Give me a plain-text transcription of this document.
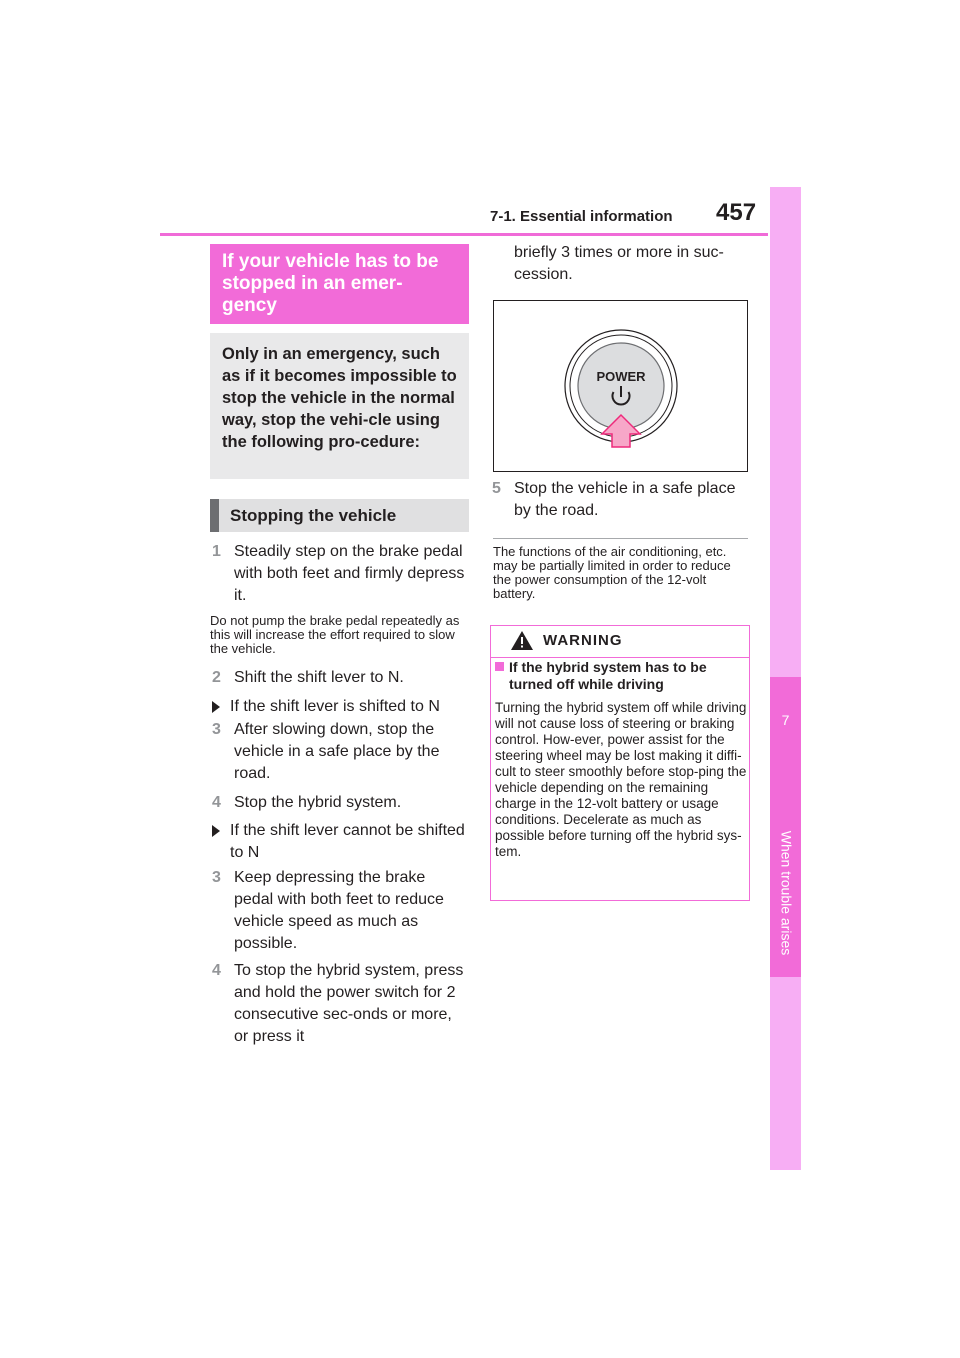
7-1. Essential information 457
7
When trouble arises
If your vehicle has to be stopped in an emer-gency
Only in an emergency, such as if it becomes impossible to stop the vehicle in the normal way, stop the vehi-cle using the following pro-cedure:
Stopping the vehicle
1 Steadily step on the brake pedal with both feet and firmly depress it.
Do not pump the brake pedal repeatedly as this will increase the effort required to slow the vehicle.
2 Shift the shift lever to N.
If the shift lever is shifted to N
3 After slowing down, stop the vehicle in a safe place by the road.
4 Stop the hybrid system.
If the shift lever cannot be shifted to N
3 Keep depressing the brake pedal with both feet to reduce vehicle speed as much as possible.
4 To stop the hybrid system, press and hold the power switch for 2 consecutive sec-onds or more, or press it
briefly 3 times or more in suc-cession.
POWER
5 Stop the vehicle in a safe place by the road.
The functions of the air conditioning, etc. may be partially limited in order to reduce the power consumption of the 12-volt battery.
WARNING
If the hybrid system has to be turned off while driving
Turning the hybrid system off while driving will not cause loss of steering or braking control. How-ever, power assist for the steering wheel may be lost making it diffi-cult to steer smoothly before stop-ping the vehicle depending on the remaining charge in the 12-volt battery or usage conditions. Decelerate as much as possible before turning off the hybrid sys-tem.
